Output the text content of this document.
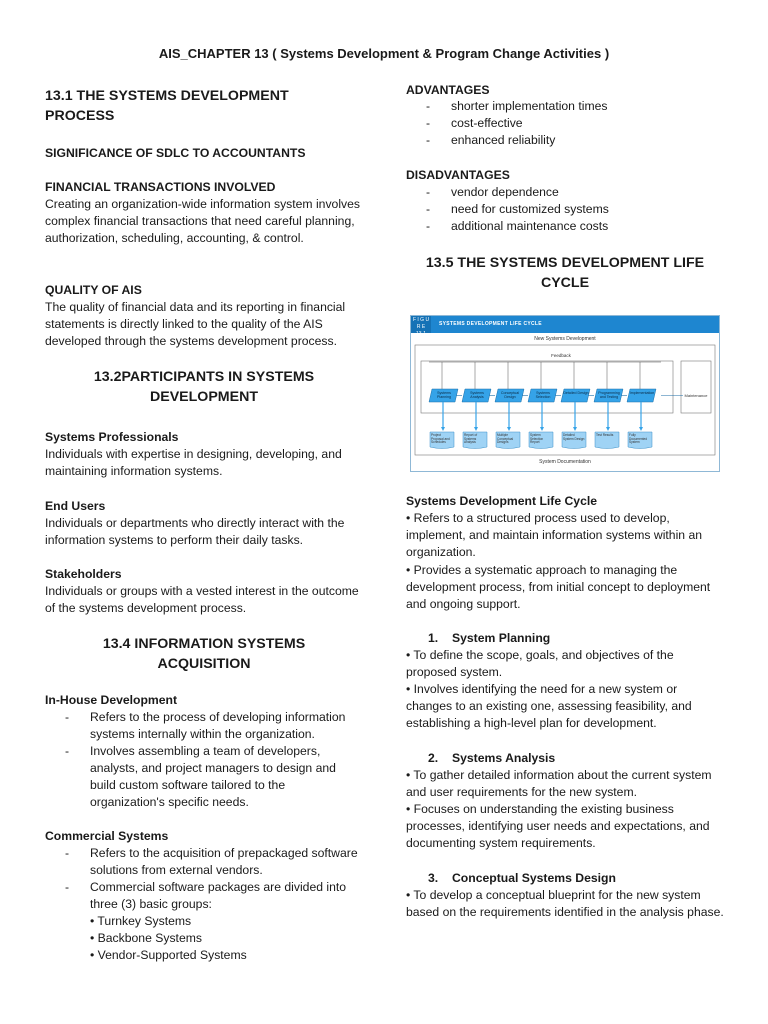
AIS_CHAPTER 13 ( Systems Development & Program Change Activities )
13.1 THE SYSTEMS DEVELOPMENT
PROCESS
SIGNIFICANCE OF SDLC TO ACCOUNTANTS
FINANCIAL TRANSACTIONS INVOLVED

Creating an organization-wide information system involves complex financial transactions that need careful planning, authorization, scheduling, accounting, & control.

QUALITY OF AIS

The quality of financial data and its reporting in financial statements is directly linked to the quality of the AIS developed through the systems development process.

13.2PARTICIPANTS IN SYSTEMS
DEVELOPMENT
Systems Professionals

Individuals with expertise in designing, developing, and maintaining information systems.

End Users

Individuals or departments who directly interact with the information systems to perform their daily tasks.

Stakeholders

Individuals or groups with a vested interest in the outcome of the systems development process.

13.4 INFORMATION SYSTEMS
ACQUISITION
In-House Development
- Refers to the process of developing information systems internally within the organization.
- Involves assembling a team of developers, analysts, and project managers to design and build custom software tailored to the organization's specific needs.
Commercial Systems
- Refers to the acquisition of prepackaged software solutions from external vendors.
- Commercial software packages are divided into three (3) basic groups:
• Turnkey Systems
• Backbone Systems
• Vendor-Supported Systems
ADVANTAGES
- shorter implementation times
- cost-effective
- enhanced reliability
DISADVANTAGES
- vendor dependence
- need for customized systems
- additional maintenance costs
13.5 THE SYSTEMS DEVELOPMENT LIFE
CYCLE
Systems Development Life Cycle

• Refers to a structured process used to develop, implement, and maintain information systems within an organization.

• Provides a systematic approach to managing the development process, from initial concept to deployment and ongoing support.

1. System Planning

• To define the scope, goals, and objectives of the proposed system.

• Involves identifying the need for a new system or changes to an existing one, assessing feasibility, and establishing a high-level plan for development.

2. Systems Analysis

• To gather detailed information about the current system and user requirements for the new system.

• Focuses on understanding the existing business processes, identifying user needs and expectations, and documenting system requirements.

3. Conceptual Systems Design

• To develop a conceptual blueprint for the new system based on the requirements identified in the analysis phase.

F I G U R E
13-1
SYSTEMS DEVELOPMENT LIFE CYCLE
New Systems Development
Feedback
System Documentation
Systems Planning
Project Proposal and Schedules
Systems Analysis
Report of Systems Analysis
Conceptual Design
Multiple Conceptual Designs
Systems Selection
System Selection Report
Detailed Design
Detailed System Design
Programming and Testing
Test Results
Implementation
Fully Documented System
Maintenance
